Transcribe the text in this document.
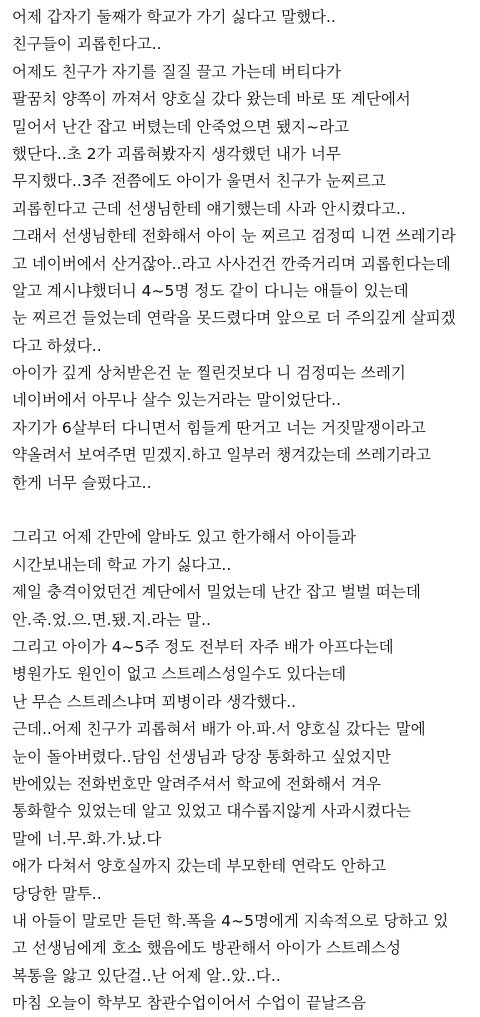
어제 갑자기 둘째가 학교가 가기 싫다고 말했다..
친구들이 괴롭힌다고..
어제도 친구가 자기를 질질 끌고 가는데 버티다가
팔꿈치 양쪽이 까져서 양호실 갔다 왔는데 바로 또 계단에서
밀어서 난간 잡고 버텼는데 안죽었으면 됐지~라고
했단다..초 2가 괴롭혀봤자지 생각했던 내가 너무
무지했다..3주 전쯤에도 아이가 울면서 친구가 눈찌르고
괴롭힌다고 근데 선생님한테 얘기했는데 사과 안시켰다고..
그래서 선생님한테 전화해서 아이 눈 찌르고 검정띠 니껀 쓰레기라
고 네이버에서 산거잖아..라고 사사건건 깐죽거리며 괴롭힌다는데
알고 계시냐했더니 4~5명 정도 같이 다니는 애들이 있는데
눈 찌르건 들었는데 연락을 못드렸다며 앞으로 더 주의깊게 살피겠
다고 하셨다..
아이가 깊게 상처받은건 눈 찔린것보다 니 검정띠는 쓰레기
네이버에서 아무나 살수 있는거라는 말이었단다..
자기가 6살부터 다니면서 힘들게 딴거고 너는 거짓말쟁이라고
약올려서 보여주면 믿겠지.하고 일부러 챙겨갔는데 쓰레기라고
한게 너무 슬펐다고..
그리고 어제 간만에 알바도 있고 한가해서 아이들과
시간보내는데 학교 가기 싫다고..
제일 충격이었던건 계단에서 밀었는데 난간 잡고 벌벌 떠는데
안.죽.었.으.면.됐.지.라는 말..
그리고 아이가 4~5주 정도 전부터 자주 배가 아프다는데
병원가도 원인이 없고 스트레스성일수도 있다는데
난 무슨 스트레스냐며 꾀병이라 생각했다..
근데..어제 친구가 괴롭혀서 배가 아.파.서 양호실 갔다는 말에
눈이 돌아버렸다..담임 선생님과 당장 통화하고 싶었지만
반에있는 전화번호만 알려주셔서 학교에 전화해서 겨우
통화할수 있었는데 알고 있었고 대수롭지않게 사과시켰다는
말에 너.무.화.가.났.다
애가 다쳐서 양호실까지 갔는데 부모한테 연락도 안하고
당당한 말투..
내 아들이 말로만 듣던 학.폭을 4~5명에게 지속적으로 당하고 있
고 선생님에게 호소 했음에도 방관해서 아이가 스트레스성
복통을 앓고 있단걸..난 어제 알..았..다..
마침 오늘이 학부모 참관수업이어서 수업이 끝날즈음
